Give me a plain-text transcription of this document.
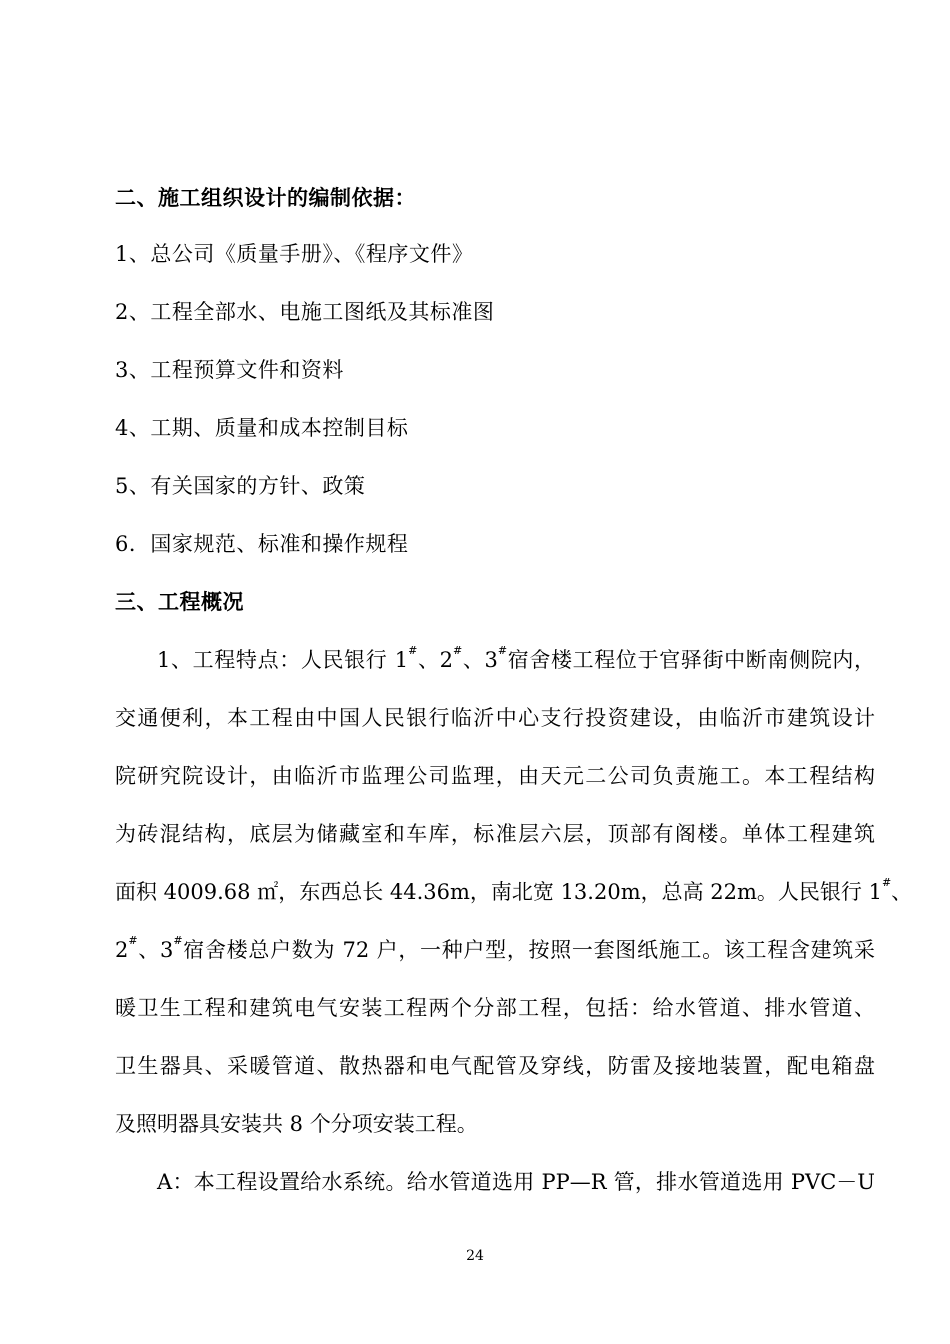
二、施工组织设计的编制依据：
1、总公司《质量手册》、《程序文件》
2、工程全部水、电施工图纸及其标准图
3、工程预算文件和资料
4、工期、质量和成本控制目标
5、有关国家的方针、政策
6．国家规范、标准和操作规程
三、工程概况
1、工程特点：人民银行 1#、2#、3#宿舍楼工程位于官驿街中断南侧院内，
交通便利，本工程由中国人民银行临沂中心支行投资建设，由临沂市建筑设计
院研究院设计，由临沂市监理公司监理，由天元二公司负责施工。本工程结构
为砖混结构，底层为储藏室和车库，标准层六层，顶部有阁楼。单体工程建筑
面积 4009.68 ㎡，东西总长 44.36m，南北宽 13.20m，总高 22m。人民银行 1#、
2#、3#宿舍楼总户数为 72 户，一种户型，按照一套图纸施工。该工程含建筑采
暖卫生工程和建筑电气安装工程两个分部工程，包括：给水管道、排水管道、
卫生器具、采暖管道、散热器和电气配管及穿线，防雷及接地装置，配电箱盘
及照明器具安装共 8 个分项安装工程。
A：本工程设置给水系统。给水管道选用 PP—R 管，排水管道选用 PVC－U
24
